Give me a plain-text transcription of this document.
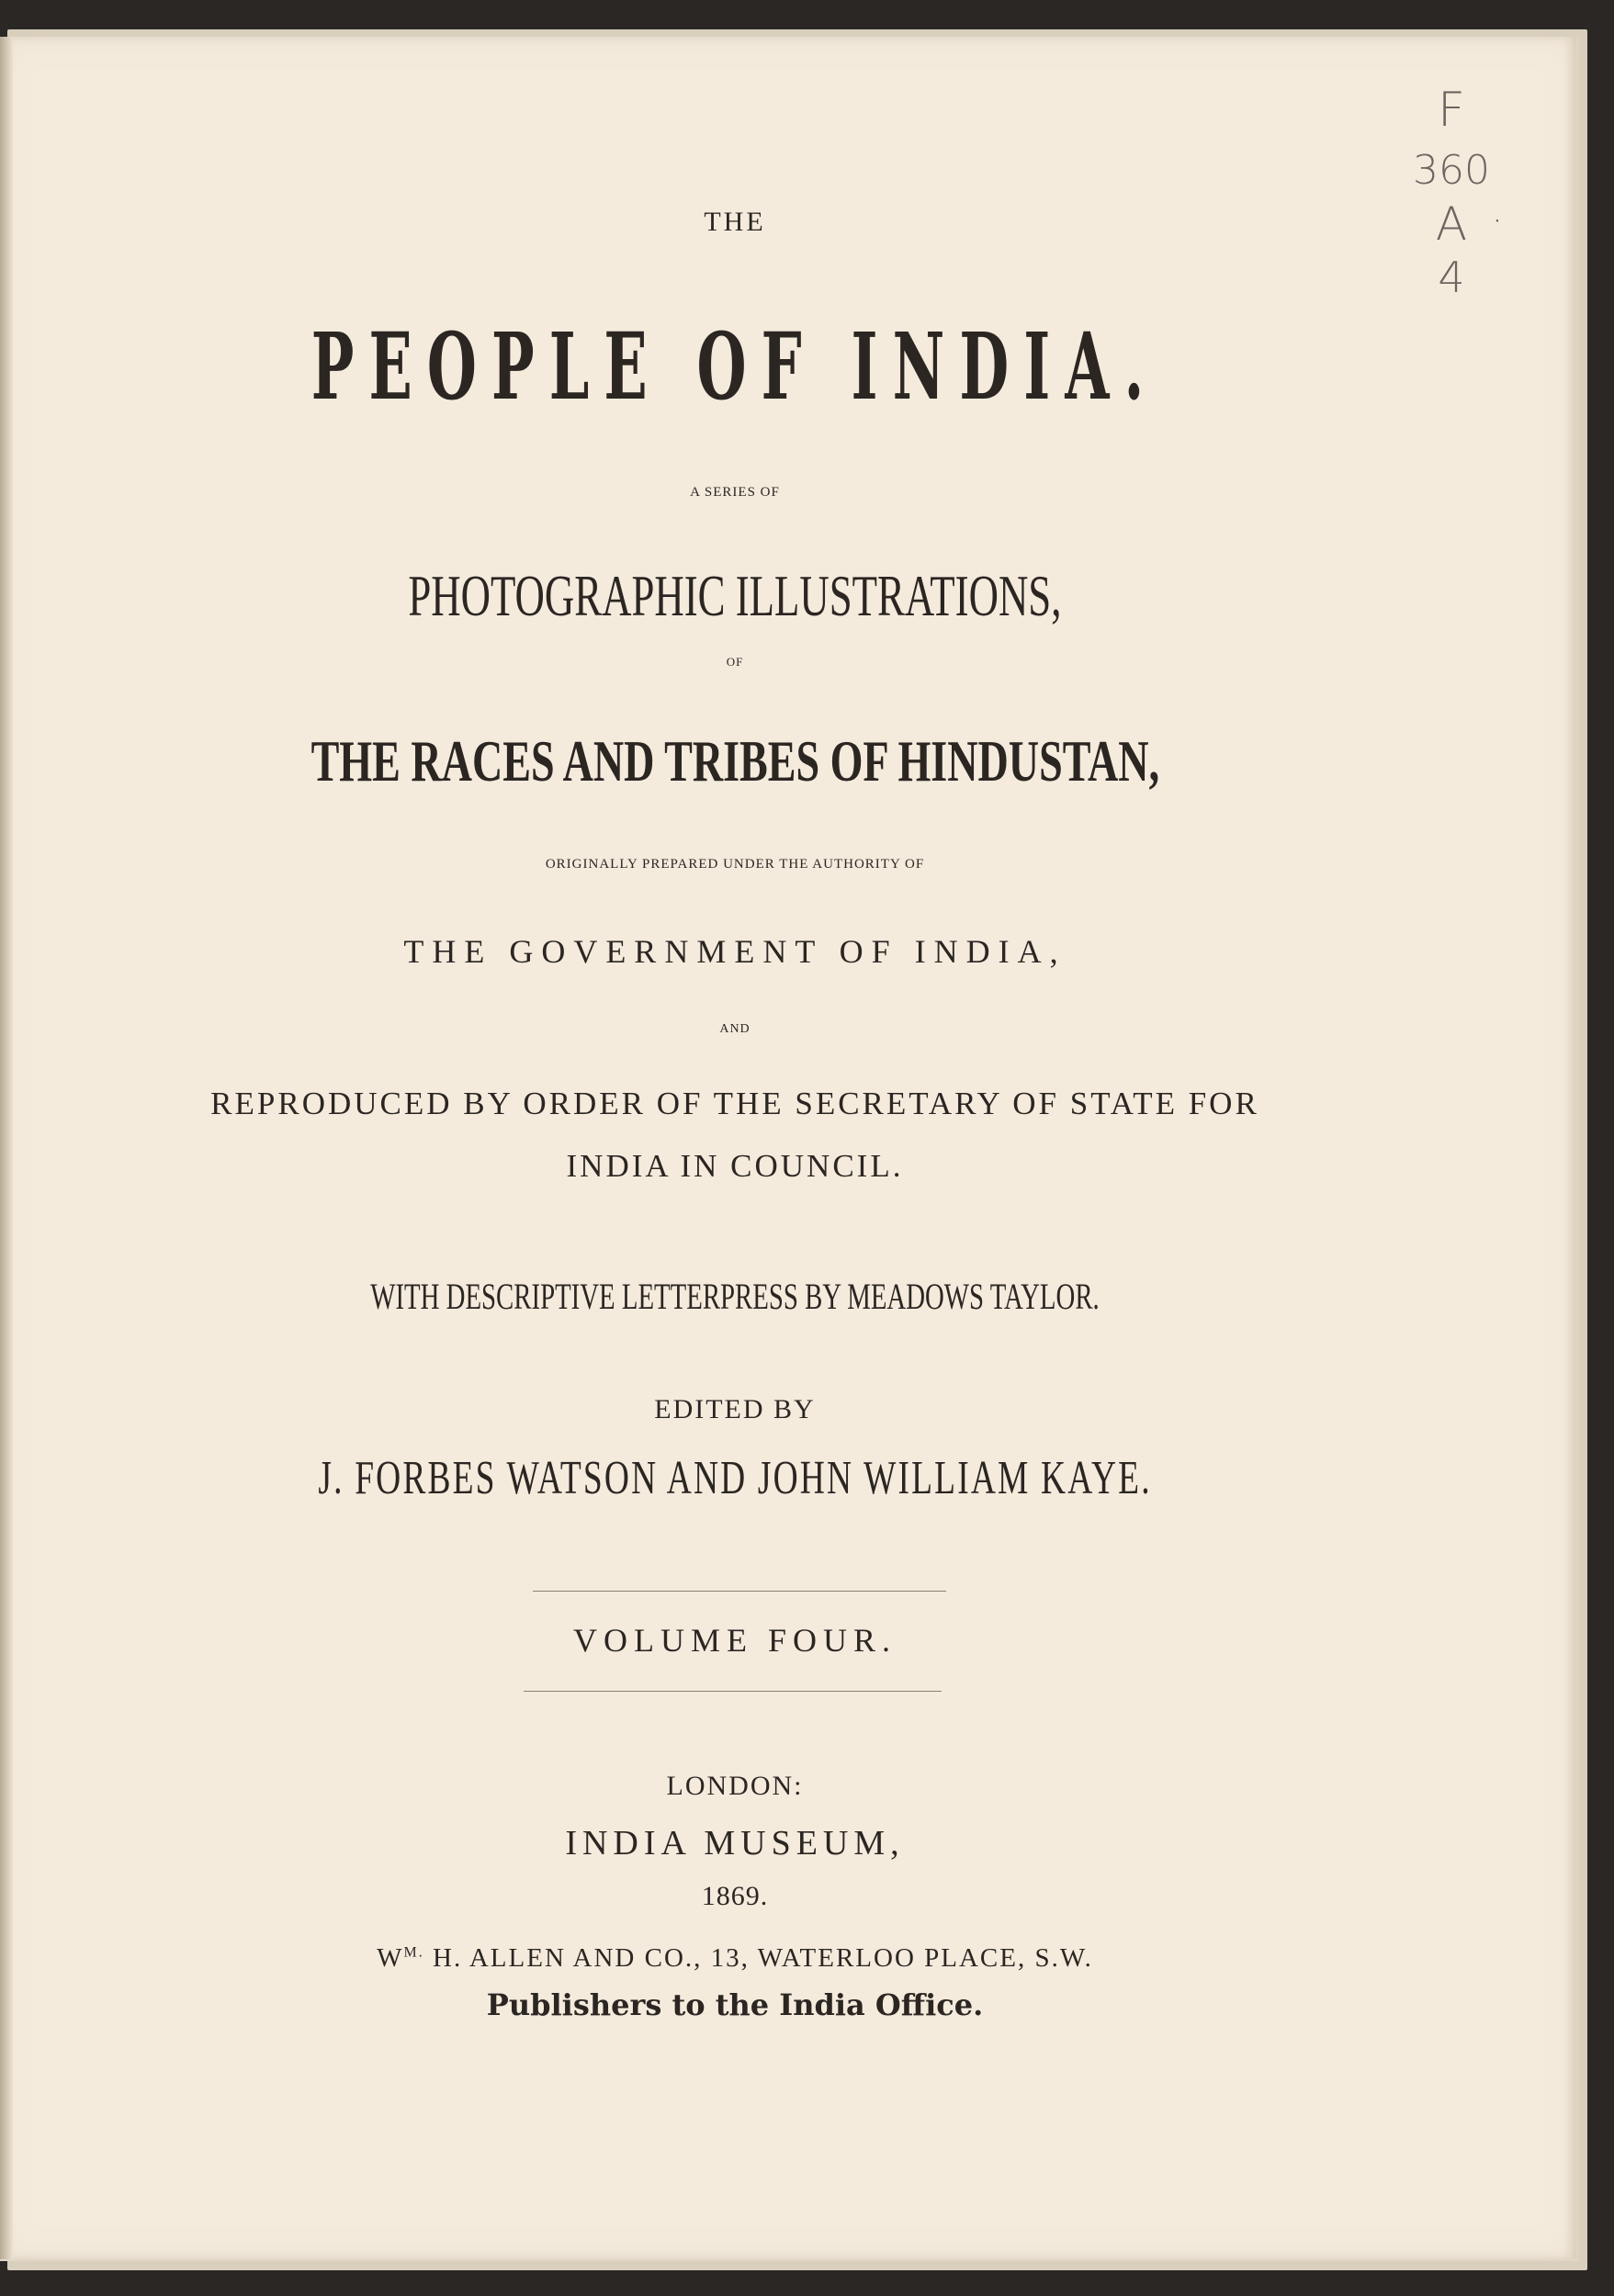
THE
PEOPLE OF INDIA.
A SERIES OF
PHOTOGRAPHIC ILLUSTRATIONS,
OF
THE RACES AND TRIBES OF HINDUSTAN,
ORIGINALLY PREPARED UNDER THE AUTHORITY OF
THE GOVERNMENT OF INDIA,
AND
REPRODUCED BY ORDER OF THE SECRETARY OF STATE FOR
INDIA IN COUNCIL.
WITH DESCRIPTIVE LETTERPRESS BY MEADOWS TAYLOR.
EDITED BY
J. FORBES WATSON AND JOHN WILLIAM KAYE.
VOLUME FOUR.
LONDON:
INDIA MUSEUM,
1869.
$W^{M.}$ H. ALLEN AND CO., 13, WATERLOO PLACE, S.W.
Publishers to the India Office.
F
360
A ·
4
